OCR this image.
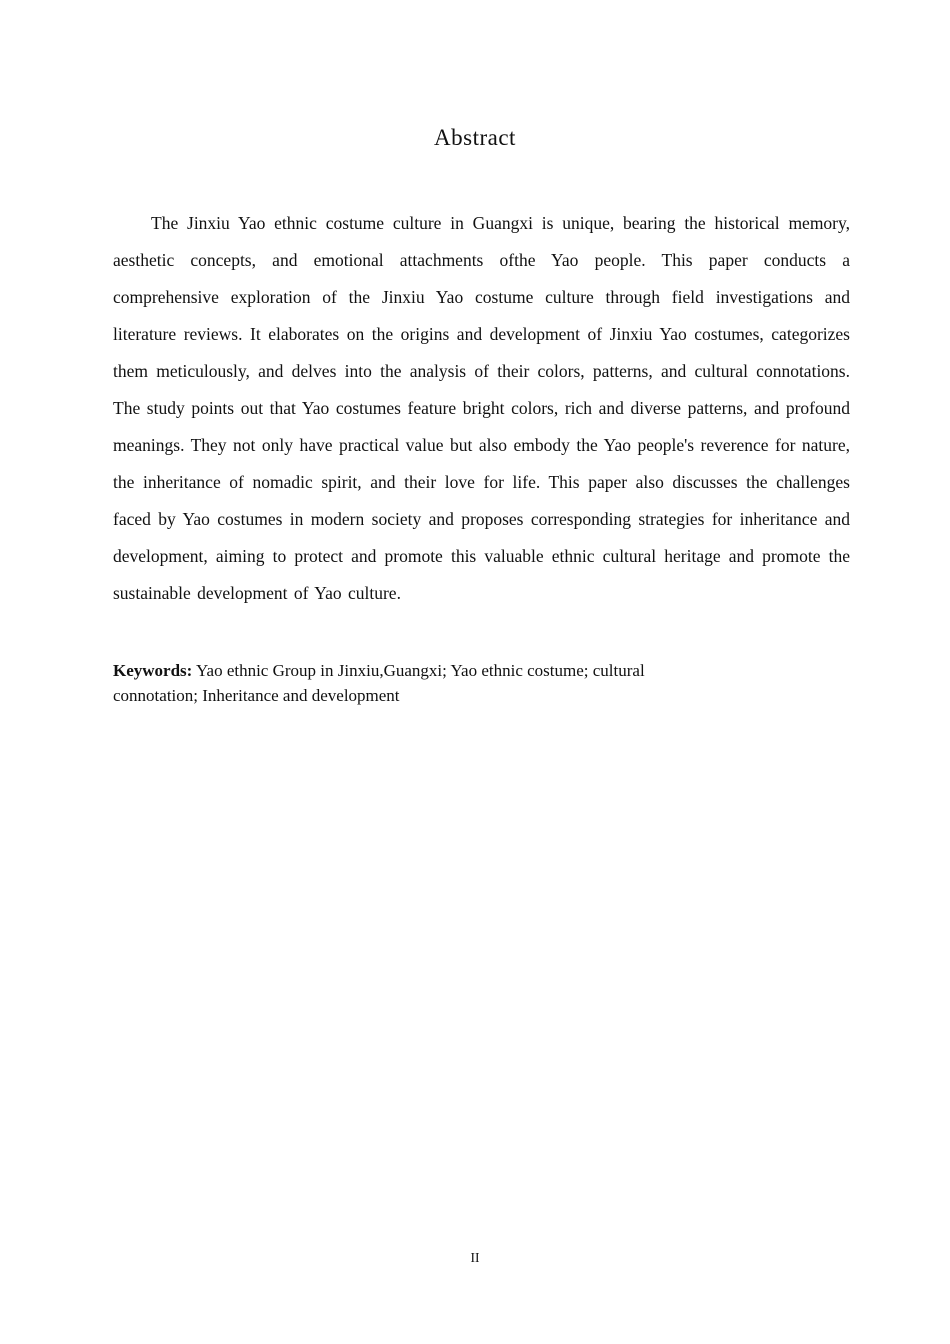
Abstract

The Jinxiu Yao ethnic costume culture in Guangxi is unique, bearing the historical memory, aesthetic concepts, and emotional attachments ofthe Yao people. This paper conducts a comprehensive exploration of the Jinxiu Yao costume culture through field investigations and literature reviews. It elaborates on the origins and development of Jinxiu Yao costumes, categorizes them meticulously, and delves into the analysis of their colors, patterns, and cultural connotations. The study points out that Yao costumes feature bright colors, rich and diverse patterns, and profound meanings. They not only have practical value but also embody the Yao people's reverence for nature, the inheritance of nomadic spirit, and their love for life. This paper also discusses the challenges faced by Yao costumes in modern society and proposes corresponding strategies for inheritance and development, aiming to protect and promote this valuable ethnic cultural heritage and promote the sustainable development of Yao culture.

Keywords: Yao ethnic Group in Jinxiu,Guangxi; Yao ethnic costume; cultural
connotation; Inheritance and development

II
